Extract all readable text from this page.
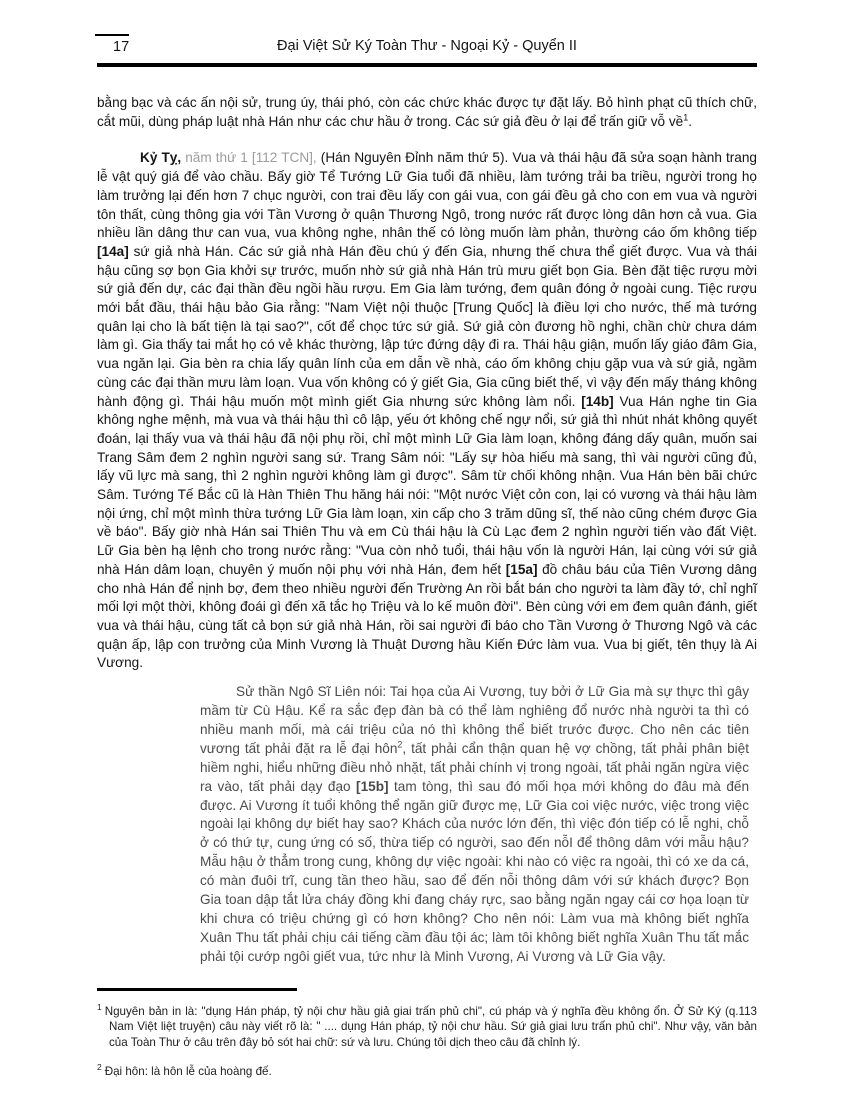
17	Đại Việt Sử Ký Toàn Thư - Ngoại Kỷ - Quyển II

bằng bạc và các ấn nội sử, trung úy, thái phó, còn các chức khác được tự đặt lấy. Bỏ hình phạt cũ thích chữ, cắt mũi, dùng pháp luật nhà Hán như các chư hầu ở trong. Các sứ giả đều ở lại để trấn giữ vỗ về$^1$.

Kỷ Tỵ, năm thứ 1 [112 TCN], (Hán Nguyên Đỉnh năm thứ 5). Vua và thái hậu đã sửa soạn hành trang lễ vật quý giá để vào chầu. Bấy giờ Tể Tướng Lữ Gia tuổi đã nhiều, làm tướng trải ba triều, người trong họ làm trưởng lại đến hơn 7 chục người, con trai đều lấy con gái vua, con gái đều gả cho con em vua và người tôn thất, cùng thông gia với Tần Vương ở quận Thương Ngô, trong nước rất được lòng dân hơn cả vua. Gia nhiều lần dâng thư can vua, vua không nghe, nhân thế có lòng muốn làm phản, thường cáo ốm không tiếp [14a] sứ giả nhà Hán. Các sứ giả nhà Hán đều chú ý đến Gia, nhưng thế chưa thể giết được. Vua và thái hậu cũng sợ bọn Gia khởi sự trước, muốn nhờ sứ giả nhà Hán trù mưu giết bọn Gia. Bèn đặt tiệc rượu mời sứ giả đến dự, các đại thần đều ngồi hầu rượu. Em Gia làm tướng, đem quân đóng ở ngoài cung. Tiệc rượu mới bắt đầu, thái hậu bảo Gia rằng: "Nam Việt nội thuộc [Trung Quốc] là điều lợi cho nước, thế mà tướng quân lại cho là bất tiện là tại sao?", cốt để chọc tức sứ giả. Sứ giả còn đương hồ nghi, chần chừ chưa dám làm gì. Gia thấy tai mắt họ có vẻ khác thường, lập tức đứng dậy đi ra. Thái hậu giận, muốn lấy giáo đâm Gia, vua ngăn lại. Gia bèn ra chia lấy quân lính của em dẫn về nhà, cáo ốm không chịu gặp vua và sứ giả, ngầm cùng các đại thần mưu làm loạn. Vua vốn không có ý giết Gia, Gia cũng biết thế, vì vậy đến mấy tháng không hành động gì. Thái hậu muốn một mình giết Gia nhưng sức không làm nổi. [14b] Vua Hán nghe tin Gia không nghe mệnh, mà vua và thái hậu thì cô lập, yếu ớt không chế ngự nổi, sứ giả thì nhút nhát không quyết đoán, lại thấy vua và thái hậu đã nội phụ rồi, chỉ một mình Lữ Gia làm loạn, không đáng dấy quân, muốn sai Trang Sâm đem 2 nghìn người sang sứ. Trang Sâm nói: "Lấy sự hòa hiếu mà sang, thì vài người cũng đủ, lấy vũ lực mà sang, thì 2 nghìn người không làm gì được". Sâm từ chối không nhận. Vua Hán bèn bãi chức Sâm. Tướng Tế Bắc cũ là Hàn Thiên Thu hăng hái nói: "Một nước Việt cỏn con, lại có vương và thái hậu làm nội ứng, chỉ một mình thừa tướng Lữ Gia làm loạn, xin cấp cho 3 trăm dũng sĩ, thế nào cũng chém được Gia về báo". Bấy giờ nhà Hán sai Thiên Thu và em Cù thái hậu là Cù Lạc đem 2 nghìn người tiến vào đất Việt. Lữ Gia bèn hạ lệnh cho trong nước rằng: "Vua còn nhỏ tuổi, thái hậu vốn là người Hán, lại cùng với sứ giả nhà Hán dâm loạn, chuyên ý muốn nội phụ với nhà Hán, đem hết [15a] đồ châu báu của Tiên Vương dâng cho nhà Hán để nịnh bợ, đem theo nhiều người đến Trường An rồi bắt bán cho người ta làm đầy tớ, chỉ nghĩ mối lợi một thời, không đoái gì đến xã tắc họ Triệu và lo kế muôn đời". Bèn cùng với em đem quân đánh, giết vua và thái hậu, cùng tất cả bọn sứ giả nhà Hán, rồi sai người đi báo cho Tần Vương ở Thương Ngô và các quận ấp, lập con trưởng của Minh Vương là Thuật Dương hầu Kiến Đức làm vua. Vua bị giết, tên thụy là Ai Vương.

Sử thần Ngô Sĩ Liên nói: Tai họa của Ai Vương, tuy bởi ở Lữ Gia mà sự thực thì gây mầm từ Cù Hậu. Kể ra sắc đẹp đàn bà có thể làm nghiêng đổ nước nhà người ta thì có nhiều manh mối, mà cái triệu của nó thì không thể biết trước được. Cho nên các tiên vương tất phải đặt ra lễ đại hôn$^2$, tất phải cẩn thận quan hệ vợ chồng, tất phải phân biệt hiềm nghi, hiểu những điều nhỏ nhặt, tất phải chính vị trong ngoài, tất phải ngăn ngừa việc ra vào, tất phải dạy đạo [15b] tam tòng, thì sau đó mối họa mới không do đâu mà đến được. Ai Vương ít tuổi không thể ngăn giữ được mẹ, Lữ Gia coi việc nước, việc trong việc ngoài lại không dự biết hay sao? Khách của nước lớn đến, thì việc đón tiếp có lễ nghi, chỗ ở có thứ tự, cung ứng có số, thừa tiếp có người, sao đến nỗI để thông dâm với mẫu hậu? Mẫu hậu ở thẳm trong cung, không dự việc ngoài: khi nào có việc ra ngoài, thì có xe da cá, có màn đuôi trĩ, cung tần theo hầu, sao để đến nỗi thông dâm với sứ khách được? Bọn Gia toan dập tắt lửa cháy đồng khi đang cháy rực, sao bằng ngăn ngay cái cơ họa loạn từ khi chưa có triệu chứng gì có hơn không? Cho nên nói: Làm vua mà không biết nghĩa Xuân Thu tất phải chịu cái tiếng cầm đầu tội ác; làm tôi không biết nghĩa Xuân Thu tất mắc phải tội cướp ngôi giết vua, tức như là Minh Vương, Ai Vương và Lữ Gia vậy.
$^1$ Nguyên bản in là: "dụng Hán pháp, tỷ nội chư hầu giả giai trấn phủ chi", cú pháp và ý nghĩa đều không ổn. Ở Sử Ký (q.113 Nam Việt liệt truyện) câu này viết rõ là: " .... dụng Hán pháp, tỷ nội chư hầu. Sứ giả giai lưu trấn phủ chi". Như vậy, văn bản của Toàn Thư ở câu trên đây bỏ sót hai chữ: sứ và lưu. Chúng tôi dịch theo câu đã chỉnh lý.
$^2$ Đại hôn: là hôn lễ của hoàng đế.
